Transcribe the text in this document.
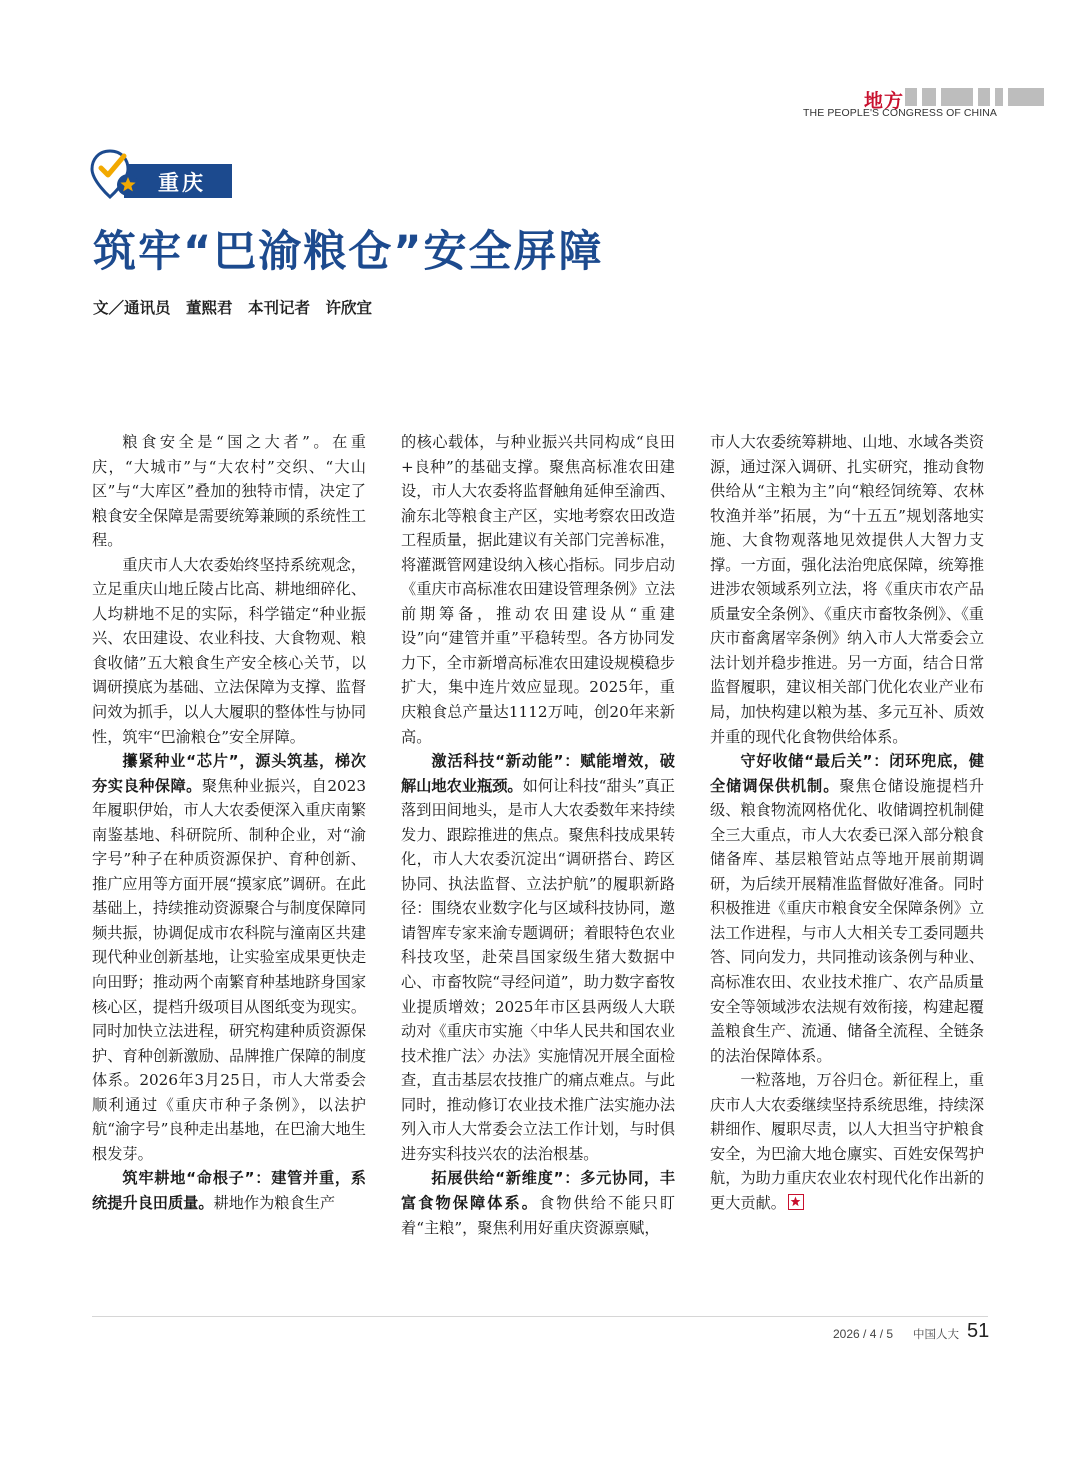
地方
THE PEOPLE'S CONGRESS OF CHINA
重庆
筑牢“巴渝粮仓”安全屏障
文／通讯员　董熙君　本刊记者　许欣宜

粮食安全是“国之大者”。在重庆，“大城市”与“大农村”交织、“大山区”与“大库区”叠加的独特市情，决定了粮食安全保障是需要统筹兼顾的系统性工程。

重庆市人大农委始终坚持系统观念，立足重庆山地丘陵占比高、耕地细碎化、人均耕地不足的实际，科学锚定“种业振兴、农田建设、农业科技、大食物观、粮食收储”五大粮食生产安全核心关节，以调研摸底为基础、立法保障为支撑、监督问效为抓手，以人大履职的整体性与协同性，筑牢“巴渝粮仓”安全屏障。

攥紧种业“芯片”，源头筑基，梯次夯实良种保障。聚焦种业振兴，自2023年履职伊始，市人大农委便深入重庆南繁南鉴基地、科研院所、制种企业，对“渝字号”种子在种质资源保护、育种创新、推广应用等方面开展“摸家底”调研。在此基础上，持续推动资源聚合与制度保障同频共振，协调促成市农科院与潼南区共建现代种业创新基地，让实验室成果更快走向田野；推动两个南繁育种基地跻身国家核心区，提档升级项目从图纸变为现实。同时加快立法进程，研究构建种质资源保护、育种创新激励、品牌推广保障的制度体系。2026年3月25日，市人大常委会顺利通过《重庆市种子条例》，以法护航“渝字号”良种走出基地，在巴渝大地生根发芽。

筑牢耕地“命根子”：建管并重，系统提升良田质量。耕地作为粮食生产

的核心载体，与种业振兴共同构成“良田+良种”的基础支撑。聚焦高标准农田建设，市人大农委将监督触角延伸至渝西、渝东北等粮食主产区，实地考察农田改造工程质量，据此建议有关部门完善标准，将灌溉管网建设纳入核心指标。同步启动《重庆市高标准农田建设管理条例》立法前期筹备，推动农田建设从“重建设”向“建管并重”平稳转型。各方协同发力下，全市新增高标准农田建设规模稳步扩大，集中连片效应显现。2025年，重庆粮食总产量达1112万吨，创20年来新高。

激活科技“新动能”：赋能增效，破解山地农业瓶颈。如何让科技“甜头”真正落到田间地头，是市人大农委数年来持续发力、跟踪推进的焦点。聚焦科技成果转化，市人大农委沉淀出“调研搭台、跨区协同、执法监督、立法护航”的履职新路径：围绕农业数字化与区域科技协同，邀请智库专家来渝专题调研；着眼特色农业科技攻坚，赴荣昌国家级生猪大数据中心、市畜牧院“寻经问道”，助力数字畜牧业提质增效；2025年市区县两级人大联动对《重庆市实施〈中华人民共和国农业技术推广法〉办法》实施情况开展全面检查，直击基层农技推广的痛点难点。与此同时，推动修订农业技术推广法实施办法列入市人大常委会立法工作计划，与时俱进夯实科技兴农的法治根基。

拓展供给“新维度”：多元协同，丰富食物保障体系。食物供给不能只盯着“主粮”，聚焦利用好重庆资源禀赋，

市人大农委统筹耕地、山地、水域各类资源，通过深入调研、扎实研究，推动食物供给从“主粮为主”向“粮经饲统筹、农林牧渔并举”拓展，为“十五五”规划落地实施、大食物观落地见效提供人大智力支撑。一方面，强化法治兜底保障，统筹推进涉农领域系列立法，将《重庆市农产品质量安全条例》、《重庆市畜牧条例》、《重庆市畜禽屠宰条例》纳入市人大常委会立法计划并稳步推进。另一方面，结合日常监督履职，建议相关部门优化农业产业布局，加快构建以粮为基、多元互补、质效并重的现代化食物供给体系。

守好收储“最后关”：闭环兜底，健全储调保供机制。聚焦仓储设施提档升级、粮食物流网格优化、收储调控机制健全三大重点，市人大农委已深入部分粮食储备库、基层粮管站点等地开展前期调研，为后续开展精准监督做好准备。同时积极推进《重庆市粮食安全保障条例》立法工作进程，与市人大相关专工委同题共答、同向发力，共同推动该条例与种业、高标准农田、农业技术推广、农产品质量安全等领域涉农法规有效衔接，构建起覆盖粮食生产、流通、储备全流程、全链条的法治保障体系。

一粒落地，万谷归仓。新征程上，重庆市人大农委继续坚持系统思维，持续深耕细作、履职尽责，以人大担当守护粮食安全，为巴渝大地仓廪实、百姓安保驾护航，为助力重庆农业农村现代化作出新的更大贡献。

2026 / 4 / 5 中国人大 51
